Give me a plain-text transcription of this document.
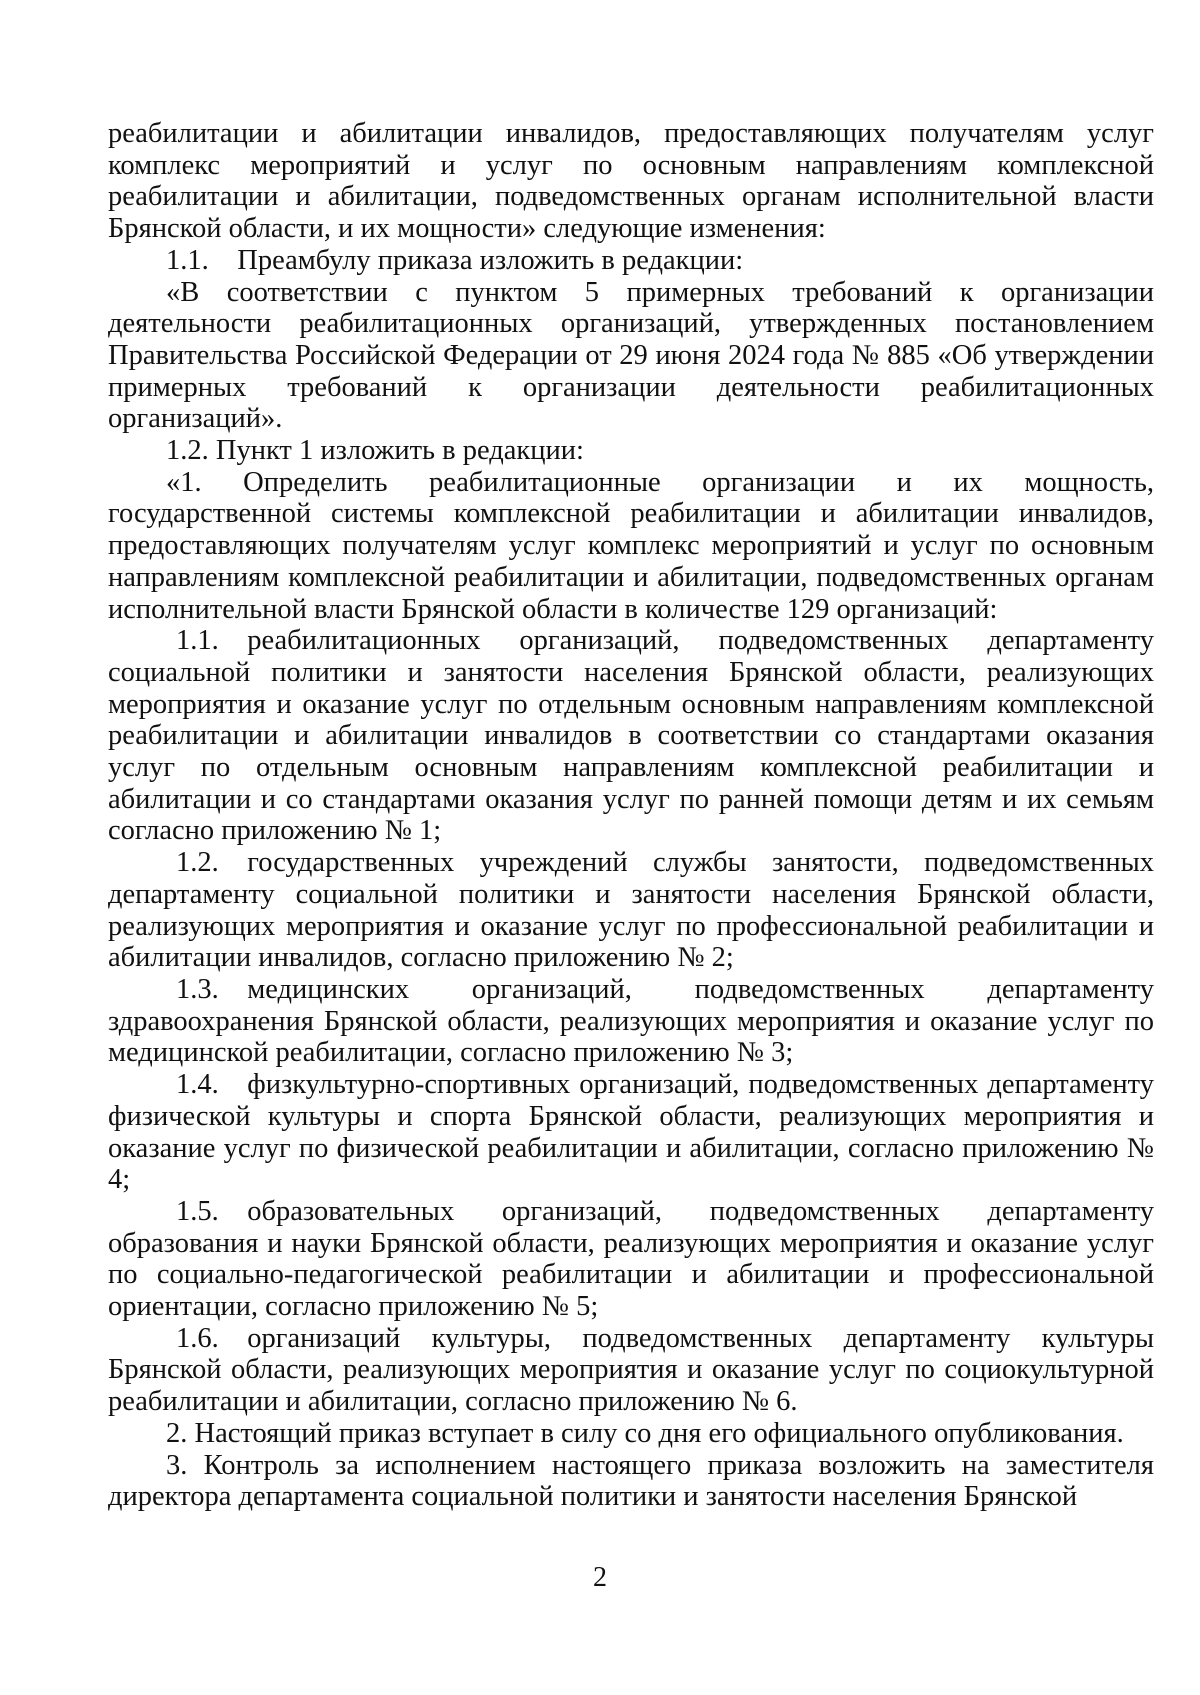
реабилитации и абилитации инвалидов, предоставляющих получателям услуг комплекс мероприятий и услуг по основным направлениям комплексной реабилитации и абилитации, подведомственных органам исполнительной власти Брянской области, и их мощности» следующие изменения:

1.1. Преамбулу приказа изложить в редакции:

«В соответствии с пунктом 5 примерных требований к организации деятельности реабилитационных организаций, утвержденных постановлением Правительства Российской Федерации от 29 июня 2024 года № 885 «Об утверждении примерных требований к организации деятельности реабилитационных организаций».

1.2. Пункт 1 изложить в редакции:

«1. Определить реабилитационные организации и их мощность, государственной системы комплексной реабилитации и абилитации инвалидов, предоставляющих получателям услуг комплекс мероприятий и услуг по основным направлениям комплексной реабилитации и абилитации, подведомственных органам исполнительной власти Брянской области в количестве 129 организаций:

1.1. реабилитационных организаций, подведомственных департаменту социальной политики и занятости населения Брянской области, реализующих мероприятия и оказание услуг по отдельным основным направлениям комплексной реабилитации и абилитации инвалидов в соответствии со стандартами оказания услуг по отдельным основным направлениям комплексной реабилитации и абилитации и со стандартами оказания услуг по ранней помощи детям и их семьям согласно приложению № 1;

1.2. государственных учреждений службы занятости, подведомственных департаменту социальной политики и занятости населения Брянской области, реализующих мероприятия и оказание услуг по профессиональной реабилитации и абилитации инвалидов, согласно приложению № 2;

1.3. медицинских организаций, подведомственных департаменту здравоохранения Брянской области, реализующих мероприятия и оказание услуг по медицинской реабилитации, согласно приложению № 3;

1.4. физкультурно-спортивных организаций, подведомственных департаменту физической культуры и спорта Брянской области, реализующих мероприятия и оказание услуг по физической реабилитации и абилитации, согласно приложению № 4;

1.5. образовательных организаций, подведомственных департаменту образования и науки Брянской области, реализующих мероприятия и оказание услуг по социально-педагогической реабилитации и абилитации и профессиональной ориентации, согласно приложению № 5;

1.6. организаций культуры, подведомственных департаменту культуры Брянской области, реализующих мероприятия и оказание услуг по социокультурной реабилитации и абилитации, согласно приложению № 6.

2. Настоящий приказ вступает в силу со дня его официального опубликования.

3. Контроль за исполнением настоящего приказа возложить на заместителя директора департамента социальной политики и занятости населения Брянской

2
